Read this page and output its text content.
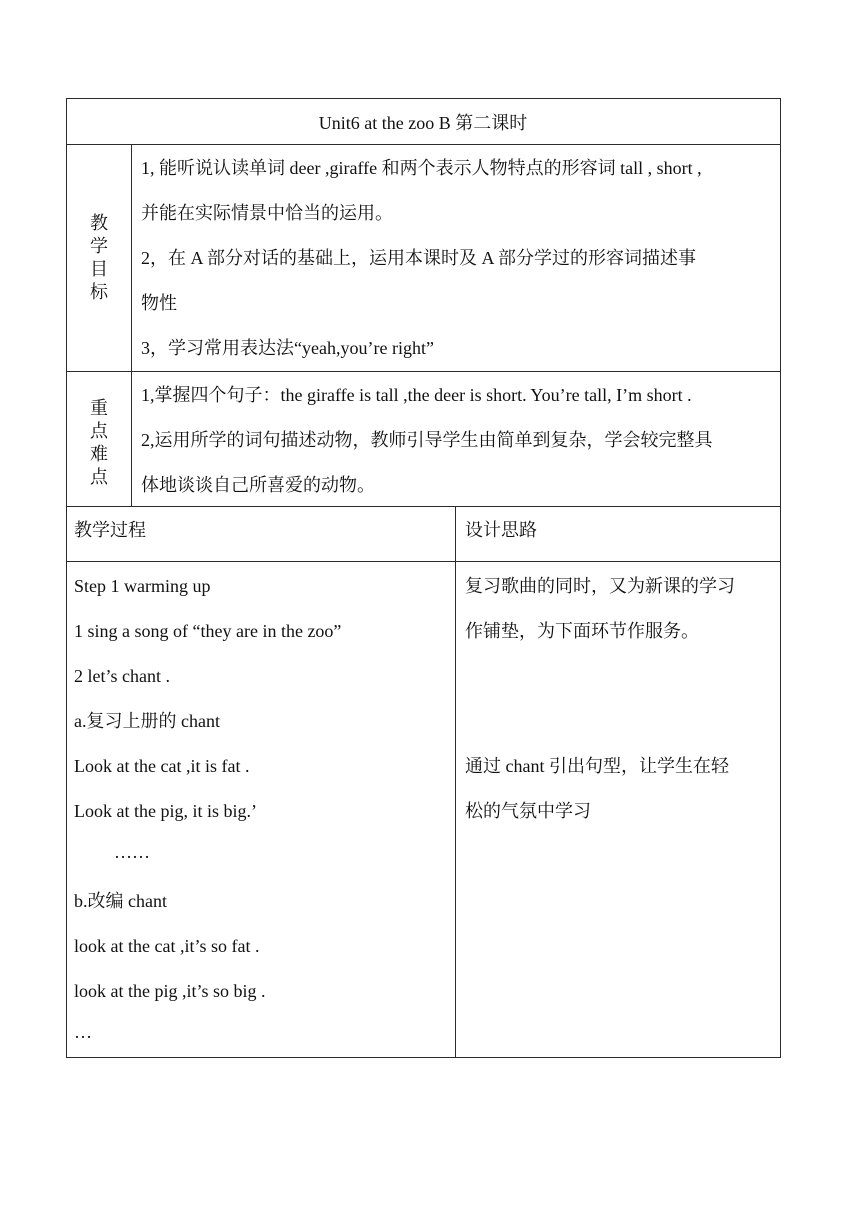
Unit6 at the zoo B 第二课时
教
学
目
标
1, 能听说认读单词 deer ,giraffe 和两个表示人物特点的形容词 tall , short ,
并能在实际情景中恰当的运用。
2，在 A 部分对话的基础上，运用本课时及 A 部分学过的形容词描述事
物性
3，学习常用表达法“yeah,you’re right”
重
点
难
点
1,掌握四个句子：the giraffe is tall ,the deer is short. You’re tall, I’m short .
2,运用所学的词句描述动物，教师引导学生由简单到复杂，学会较完整具
体地谈谈自己所喜爱的动物。
教学过程	设计思路
Step 1 warming up
1 sing a song of “they are in the zoo”
2 let’s chant .
a.复习上册的 chant
Look at the cat ,it is fat .
Look at the pig, it is big.’
……
b.改编 chant
look at the cat ,it’s so fat .
look at the pig ,it’s so big .
…
复习歌曲的同时，又为新课的学习
作铺垫，为下面环节作服务。
通过 chant 引出句型，让学生在轻
松的气氛中学习
